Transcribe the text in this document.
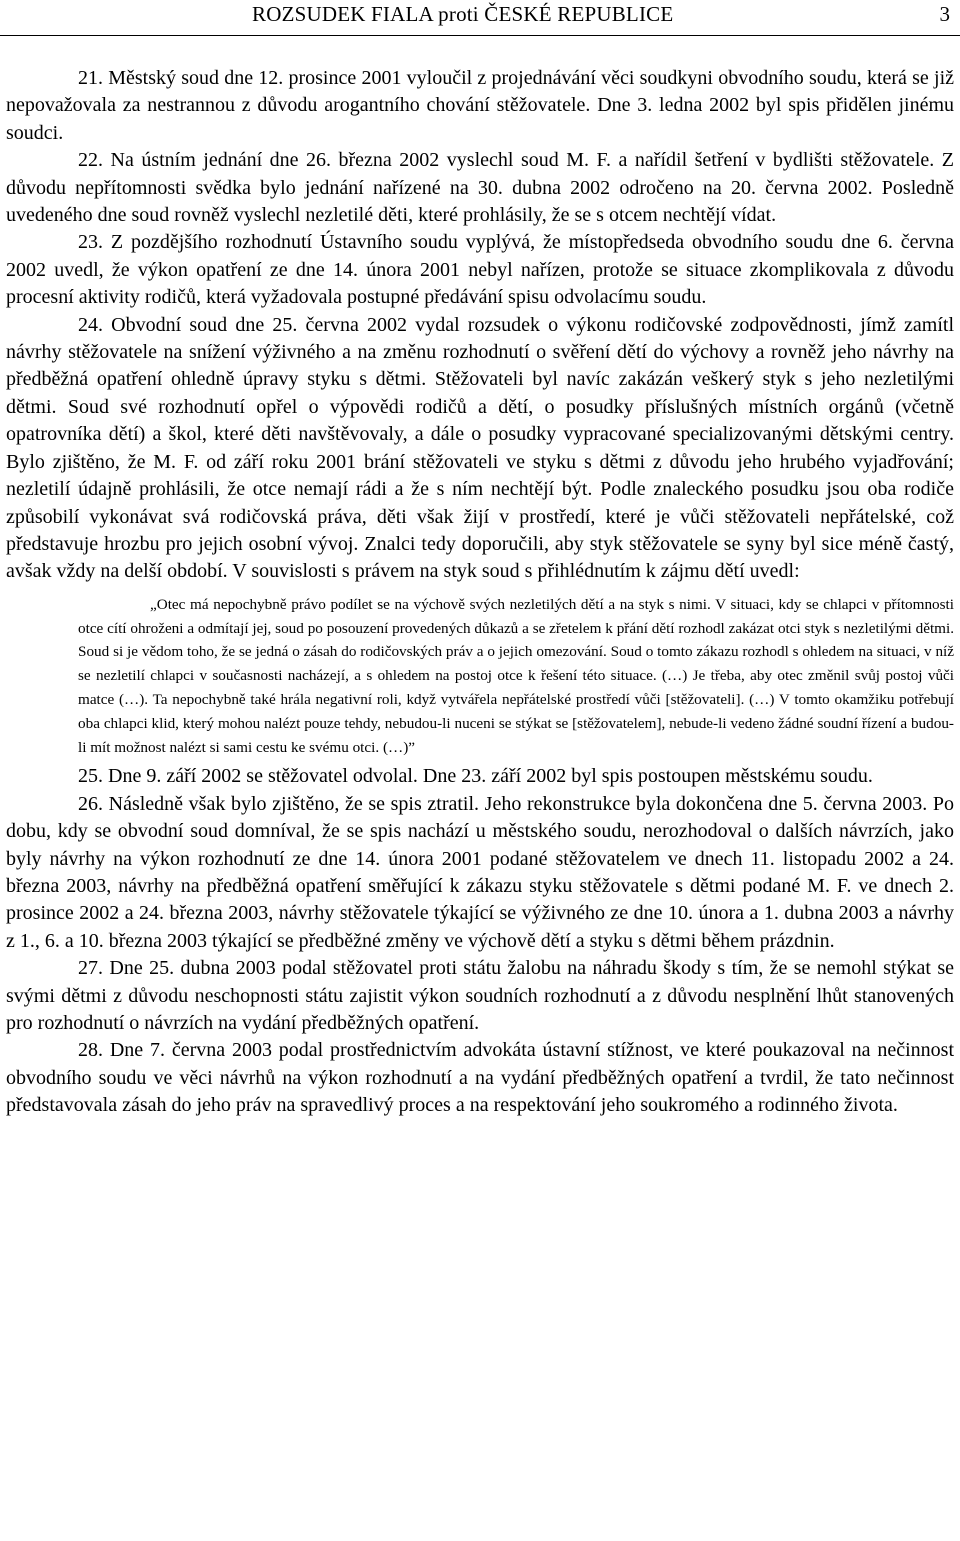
ROZSUDEK FIALA proti ČESKÉ REPUBLICE	3

21. Městský soud dne 12. prosince 2001 vyloučil z projednávání věci soudkyni obvodního soudu, která se již nepovažovala za nestrannou z důvodu arogantního chování stěžovatele. Dne 3. ledna 2002 byl spis přidělen jinému soudci.

22. Na ústním jednání dne 26. března 2002 vyslechl soud M. F. a nařídil šetření v bydlišti stěžovatele. Z důvodu nepřítomnosti svědka bylo jednání nařízené na 30. dubna 2002 odročeno na 20. června 2002. Posledně uvedeného dne soud rovněž vyslechl nezletilé děti, které prohlásily, že se s otcem nechtějí vídat.

23. Z pozdějšího rozhodnutí Ústavního soudu vyplývá, že místopředseda obvodního soudu dne 6. června 2002 uvedl, že výkon opatření ze dne 14. února 2001 nebyl nařízen, protože se situace zkomplikovala z důvodu procesní aktivity rodičů, která vyžadovala postupné předávání spisu odvolacímu soudu.

24. Obvodní soud dne 25. června 2002 vydal rozsudek o výkonu rodičovské zodpovědnosti, jímž zamítl návrhy stěžovatele na snížení výživného a na změnu rozhodnutí o svěření dětí do výchovy a rovněž jeho návrhy na předběžná opatření ohledně úpravy styku s dětmi. Stěžovateli byl navíc zakázán veškerý styk s jeho nezletilými dětmi. Soud své rozhodnutí opřel o výpovědi rodičů a dětí, o posudky příslušných místních orgánů (včetně opatrovníka dětí) a škol, které děti navštěvovaly, a dále o posudky vypracované specializovanými dětskými centry. Bylo zjištěno, že M. F. od září roku 2001 brání stěžovateli ve styku s dětmi z důvodu jeho hrubého vyjadřování; nezletilí údajně prohlásili, že otce nemají rádi a že s ním nechtějí být. Podle znaleckého posudku jsou oba rodiče způsobilí vykonávat svá rodičovská práva, děti však žijí v prostředí, které je vůči stěžovateli nepřátelské, což představuje hrozbu pro jejich osobní vývoj. Znalci tedy doporučili, aby styk stěžovatele se syny byl sice méně častý, avšak vždy na delší období. V souvislosti s právem na styk soud s přihlédnutím k zájmu dětí uvedl:

„Otec má nepochybně právo podílet se na výchově svých nezletilých dětí a na styk s nimi. V situaci, kdy se chlapci v přítomnosti otce cítí ohroženi a odmítají jej, soud po posouzení provedených důkazů a se zřetelem k přání dětí rozhodl zakázat otci styk s nezletilými dětmi. Soud si je vědom toho, že se jedná o zásah do rodičovských práv a o jejich omezování. Soud o tomto zákazu rozhodl s ohledem na situaci, v níž se nezletilí chlapci v současnosti nacházejí, a s ohledem na postoj otce k řešení této situace. (…) Je třeba, aby otec změnil svůj postoj vůči matce (…). Ta nepochybně také hrála negativní roli, když vytvářela nepřátelské prostředí vůči [stěžovateli]. (…) V tomto okamžiku potřebují oba chlapci klid, který mohou nalézt pouze tehdy, nebudou-li nuceni se stýkat se [stěžovatelem], nebude-li vedeno žádné soudní řízení a budou-li mít možnost nalézt si sami cestu ke svému otci. (…)”

25. Dne 9. září 2002 se stěžovatel odvolal. Dne 23. září 2002 byl spis postoupen městskému soudu.

26. Následně však bylo zjištěno, že se spis ztratil. Jeho rekonstrukce byla dokončena dne 5. června 2003. Po dobu, kdy se obvodní soud domníval, že se spis nachází u městského soudu, nerozhodoval o dalších návrzích, jako byly návrhy na výkon rozhodnutí ze dne 14. února 2001 podané stěžovatelem ve dnech 11. listopadu 2002 a 24. března 2003, návrhy na předběžná opatření směřující k zákazu styku stěžovatele s dětmi podané M. F. ve dnech 2. prosince 2002 a 24. března 2003, návrhy stěžovatele týkající se výživného ze dne 10. února a 1. dubna 2003 a návrhy z 1., 6. a 10. března 2003 týkající se předběžné změny ve výchově dětí a styku s dětmi během prázdnin.

27. Dne 25. dubna 2003 podal stěžovatel proti státu žalobu na náhradu škody s tím, že se nemohl stýkat se svými dětmi z důvodu neschopnosti státu zajistit výkon soudních rozhodnutí a z důvodu nesplnění lhůt stanovených pro rozhodnutí o návrzích na vydání předběžných opatření.

28. Dne 7. června 2003 podal prostřednictvím advokáta ústavní stížnost, ve které poukazoval na nečinnost obvodního soudu ve věci návrhů na výkon rozhodnutí a na vydání předběžných opatření a tvrdil, že tato nečinnost představovala zásah do jeho práv na spravedlivý proces a na respektování jeho soukromého a rodinného života.
